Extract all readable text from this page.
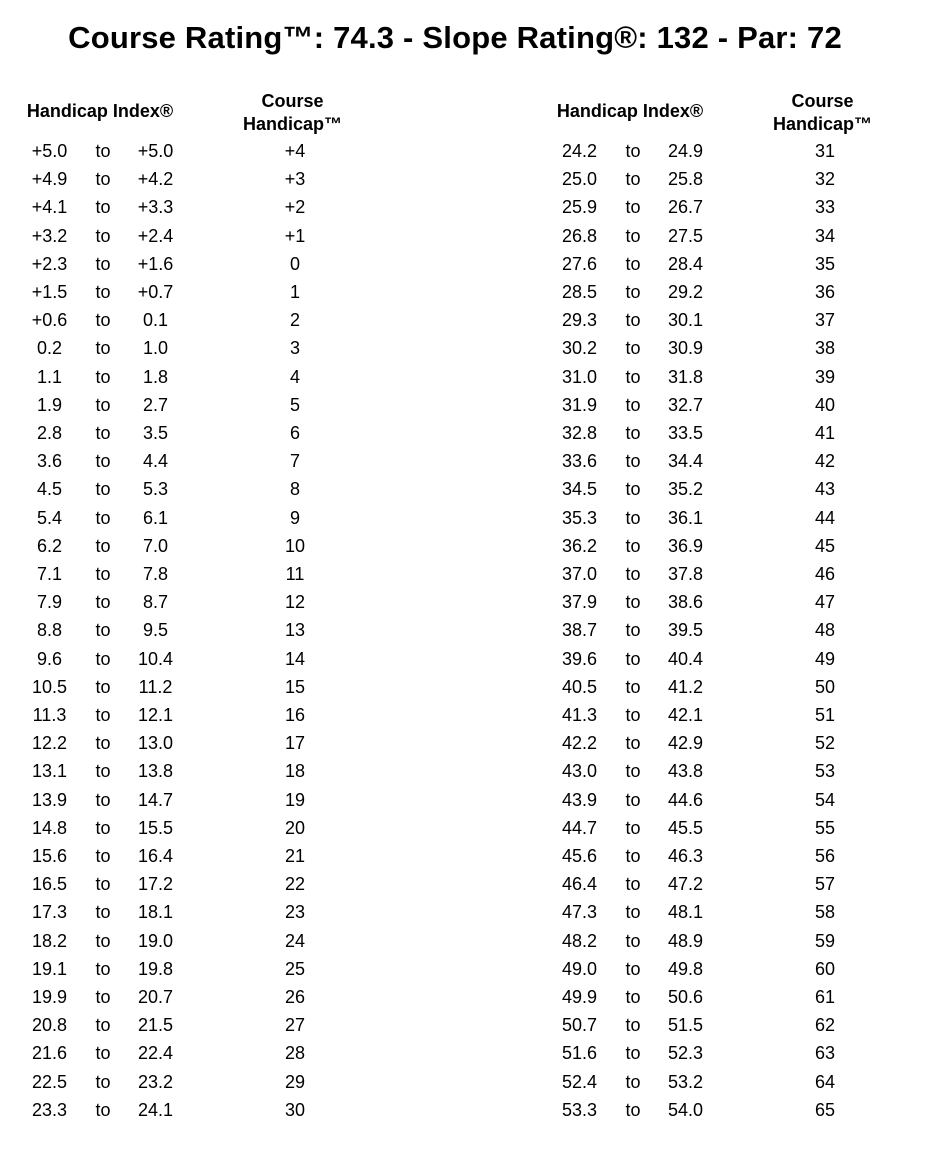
Course Rating™: 74.3 - Slope Rating®: 132 - Par: 72
Handicap Index®	Course
Handicap™
Handicap Index®	Course
Handicap™
+5.0	to	+5.0	+4
+4.9	to	+4.2	+3
+4.1	to	+3.3	+2
+3.2	to	+2.4	+1
+2.3	to	+1.6	0
+1.5	to	+0.7	1
+0.6	to	0.1	2
0.2	to	1.0	3
1.1	to	1.8	4
1.9	to	2.7	5
2.8	to	3.5	6
3.6	to	4.4	7
4.5	to	5.3	8
5.4	to	6.1	9
6.2	to	7.0	10
7.1	to	7.8	11
7.9	to	8.7	12
8.8	to	9.5	13
9.6	to	10.4	14
10.5	to	11.2	15
11.3	to	12.1	16
12.2	to	13.0	17
13.1	to	13.8	18
13.9	to	14.7	19
14.8	to	15.5	20
15.6	to	16.4	21
16.5	to	17.2	22
17.3	to	18.1	23
18.2	to	19.0	24
19.1	to	19.8	25
19.9	to	20.7	26
20.8	to	21.5	27
21.6	to	22.4	28
22.5	to	23.2	29
23.3	to	24.1	30
24.2	to	24.9	31
25.0	to	25.8	32
25.9	to	26.7	33
26.8	to	27.5	34
27.6	to	28.4	35
28.5	to	29.2	36
29.3	to	30.1	37
30.2	to	30.9	38
31.0	to	31.8	39
31.9	to	32.7	40
32.8	to	33.5	41
33.6	to	34.4	42
34.5	to	35.2	43
35.3	to	36.1	44
36.2	to	36.9	45
37.0	to	37.8	46
37.9	to	38.6	47
38.7	to	39.5	48
39.6	to	40.4	49
40.5	to	41.2	50
41.3	to	42.1	51
42.2	to	42.9	52
43.0	to	43.8	53
43.9	to	44.6	54
44.7	to	45.5	55
45.6	to	46.3	56
46.4	to	47.2	57
47.3	to	48.1	58
48.2	to	48.9	59
49.0	to	49.8	60
49.9	to	50.6	61
50.7	to	51.5	62
51.6	to	52.3	63
52.4	to	53.2	64
53.3	to	54.0	65
